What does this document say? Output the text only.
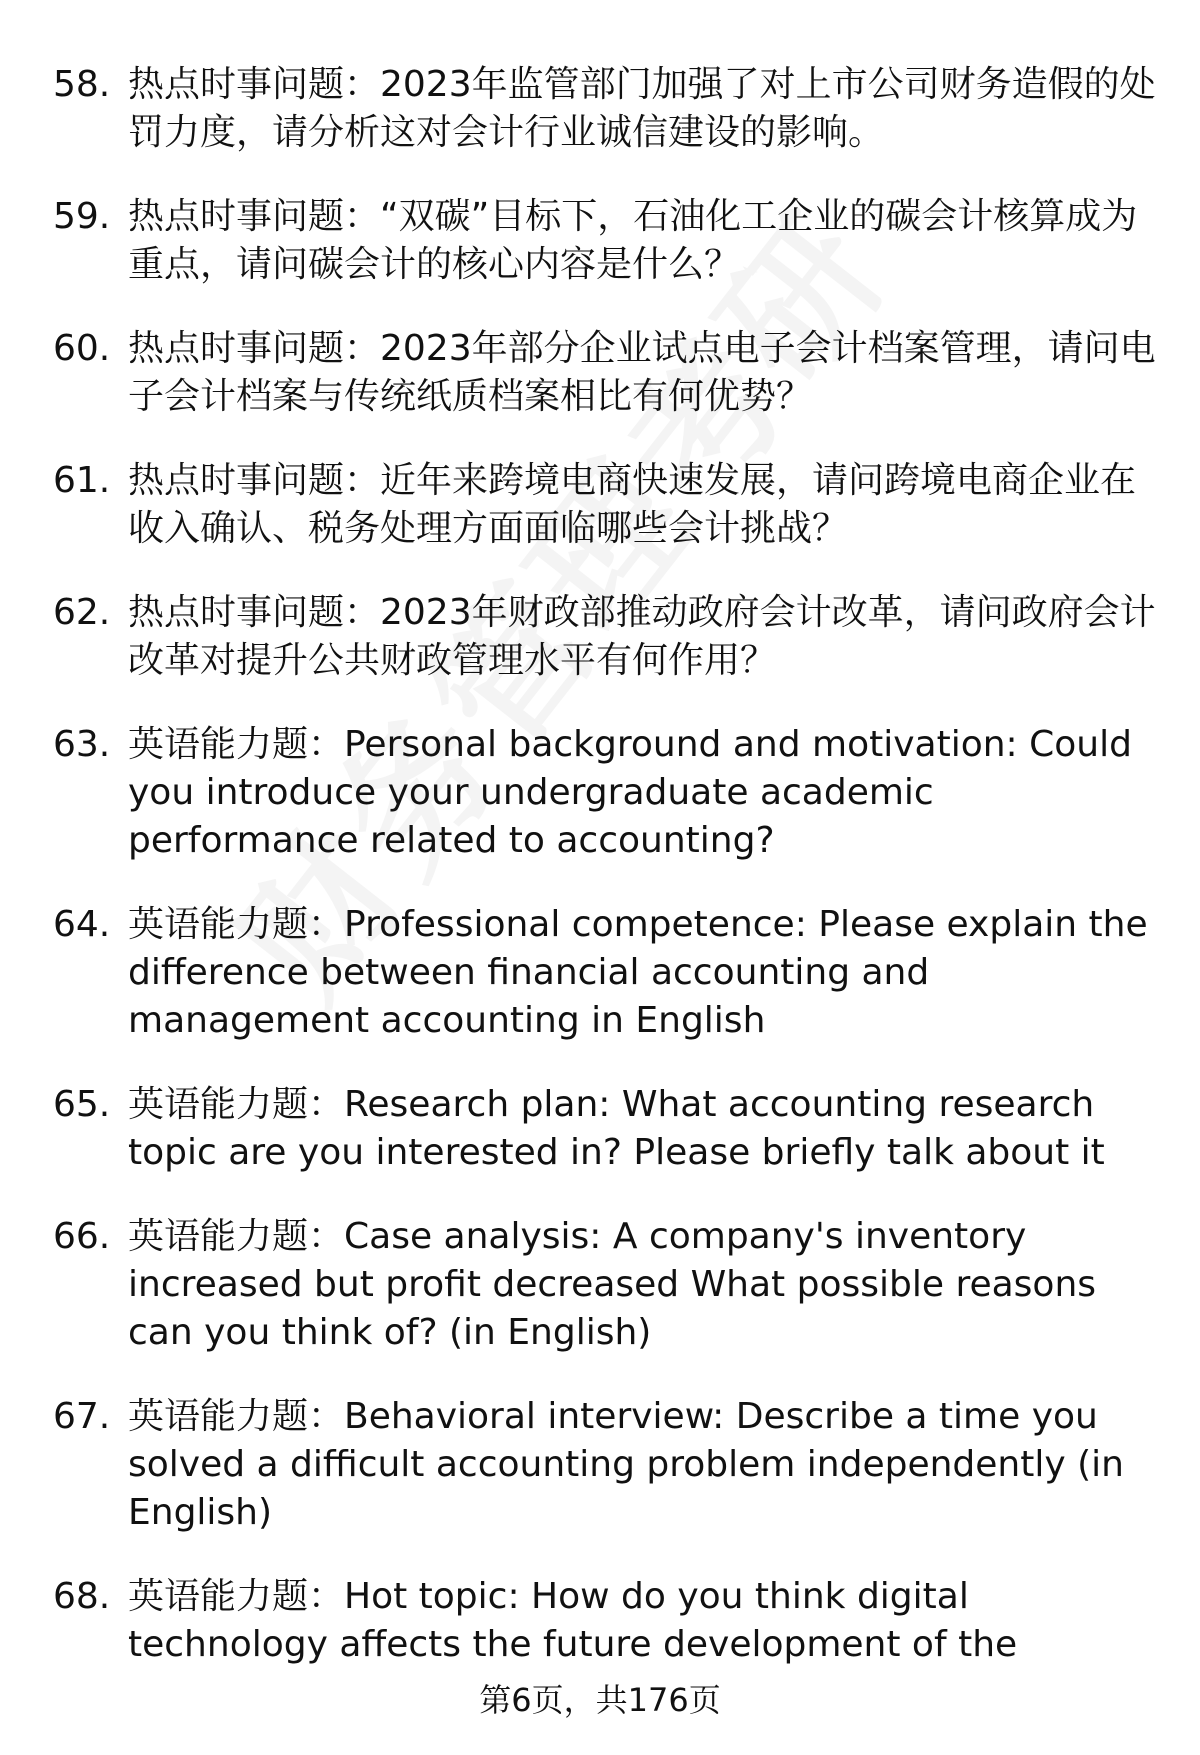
58. 热点时事问题：2023年监管部门加强了对上市公司财务造假的处罚力度，请分析这对会计行业诚信建设的影响。
59. 热点时事问题：“双碳”目标下，石油化工企业的碳会计核算成为重点，请问碳会计的核心内容是什么？
60. 热点时事问题：2023年部分企业试点电子会计档案管理，请问电子会计档案与传统纸质档案相比有何优势？
61. 热点时事问题：近年来跨境电商快速发展，请问跨境电商企业在收入确认、税务处理方面面临哪些会计挑战？
62. 热点时事问题：2023年财政部推动政府会计改革，请问政府会计改革对提升公共财政管理水平有何作用？
63. 英语能力题：Personal background and motivation: Could you introduce your undergraduate academic performance related to accounting?
64. 英语能力题：Professional competence: Please explain the difference between financial accounting and management accounting in English
65. 英语能力题：Research plan: What accounting research topic are you interested in? Please briefly talk about it
66. 英语能力题：Case analysis: A company's inventory increased but profit decreased What possible reasons can you think of? (in English)
67. 英语能力题：Behavioral interview: Describe a time you solved a difficult accounting problem independently (in English)
68. 英语能力题：Hot topic: How do you think digital technology affects the future development of the
第6页，共176页
